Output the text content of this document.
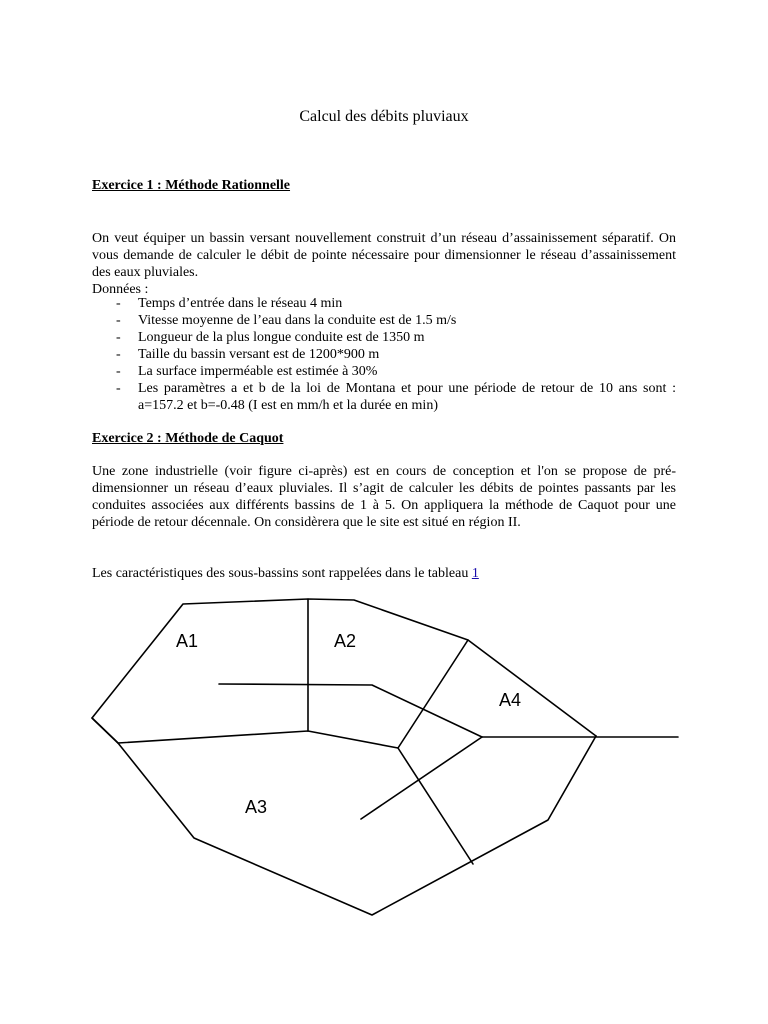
Calcul des débits pluviaux
Exercice 1 : Méthode Rationnelle

On veut équiper un bassin versant nouvellement construit d’un réseau d’assainissement séparatif. On vous demande de calculer le débit de pointe nécessaire pour dimensionner le réseau d’assainissement des eaux pluviales.

Données :

- Temps d’entrée dans le réseau 4 min
- Vitesse moyenne de l’eau dans la conduite est de 1.5 m/s
- Longueur de la plus longue conduite est de 1350 m
- Taille du bassin versant est de 1200*900 m
- La surface imperméable est estimée à 30%
- Les paramètres a et b de la loi de Montana et pour une période de retour de 10 ans sont : a=157.2 et b=-0.48 (I est en mm/h et la durée en min)
Exercice 2 : Méthode de Caquot
Une zone industrielle (voir figure ci-après) est en cours de conception et l'on se propose de pré-dimensionner un réseau d’eaux pluviales. Il s’agit de calculer les débits de pointes passants par les conduites associées aux différents bassins de 1 à 5. On appliquera la méthode de Caquot pour une période de retour décennale. On considèrera que le site est situé en région II.
Les caractéristiques des sous-bassins sont rappelées dans le tableau 1
A1	A2
A3
A4
